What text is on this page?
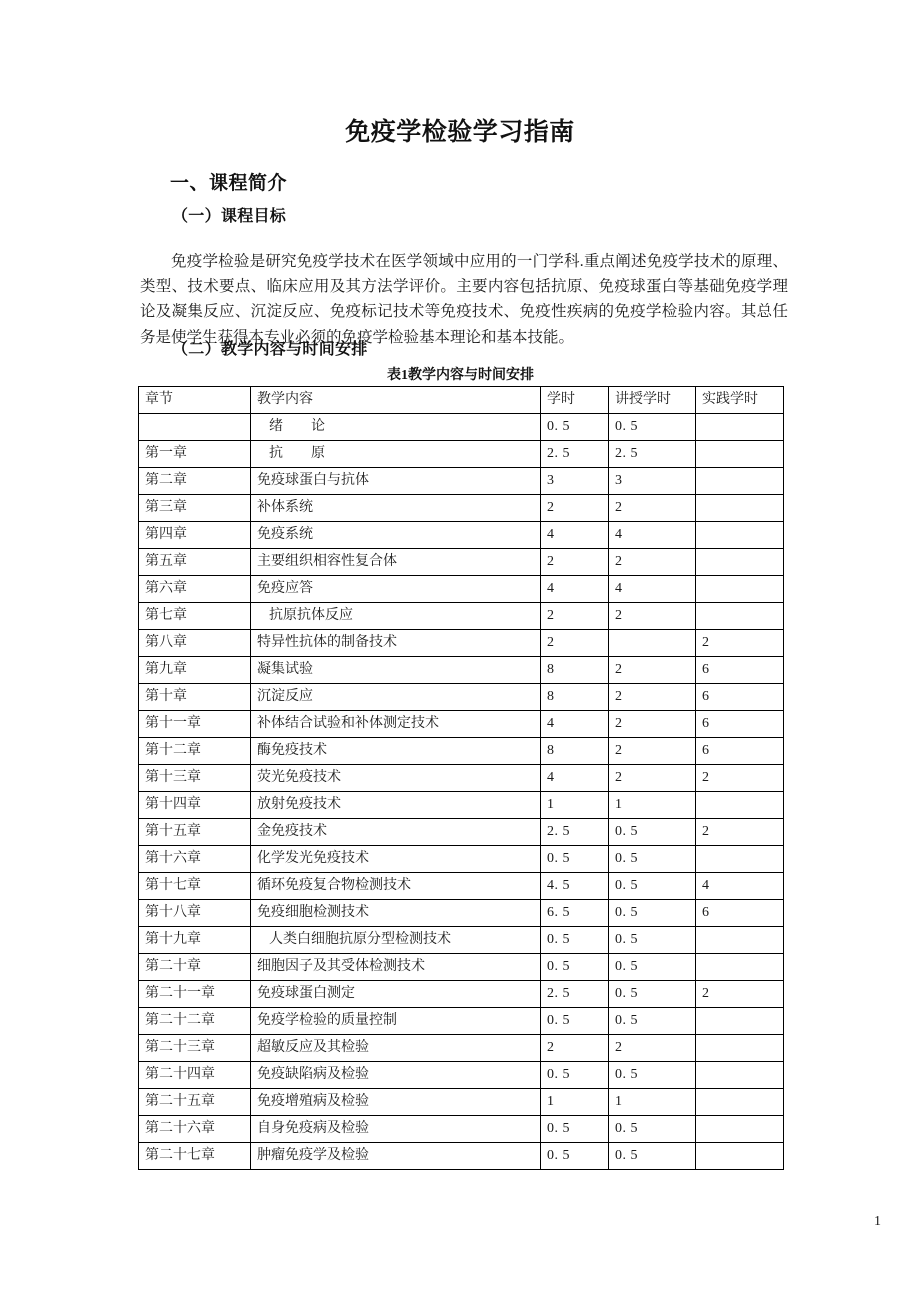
免疫学检验学习指南
一、课程简介
（一）课程目标

免疫学检验是研究免疫学技术在医学领域中应用的一门学科.重点阐述免疫学技术的原理、类型、技术要点、临床应用及其方法学评价。主要内容包括抗原、免疫球蛋白等基础免疫学理论及凝集反应、沉淀反应、免疫标记技术等免疫技术、免疫性疾病的免疫学检验内容。其总任务是使学生获得本专业必须的免疫学检验基本理论和基本技能。

（二）教学内容与时间安排
表1教学内容与时间安排
章节	教学内容	学时	讲授学时	实践学时
	绪　　论	0. 5	0. 5	
第一章	抗　　原	2. 5	2. 5	
第二章	免疫球蛋白与抗体	3	3	
第三章	补体系统	2	2	
第四章	免疫系统	4	4	
第五章	主要组织相容性复合体	2	2	
第六章	免疫应答	4	4	
第七章	抗原抗体反应	2	2	
第八章	特异性抗体的制备技术	2		2
第九章	凝集试验	8	2	6
第十章	沉淀反应	8	2	6
第十一章	补体结合试验和补体测定技术	4	2	6
第十二章	酶免疫技术	8	2	6
第十三章	荧光免疫技术	4	2	2
第十四章	放射免疫技术	1	1	
第十五章	金免疫技术	2. 5	0. 5	2
第十六章	化学发光免疫技术	0. 5	0. 5	
第十七章	循环免疫复合物检测技术	4. 5	0. 5	4
第十八章	免疫细胞检测技术	6. 5	0. 5	6
第十九章	人类白细胞抗原分型检测技术	0. 5	0. 5	
第二十章	细胞因子及其受体检测技术	0. 5	0. 5	
第二十一章	免疫球蛋白测定	2. 5	0. 5	2
第二十二章	免疫学检验的质量控制	0. 5	0. 5	
第二十三章	超敏反应及其检验	2	2	
第二十四章	免疫缺陷病及检验	0. 5	0. 5	
第二十五章	免疫增殖病及检验	1	1	
第二十六章	自身免疫病及检验	0. 5	0. 5	
第二十七章	肿瘤免疫学及检验	0. 5	0. 5	
1
